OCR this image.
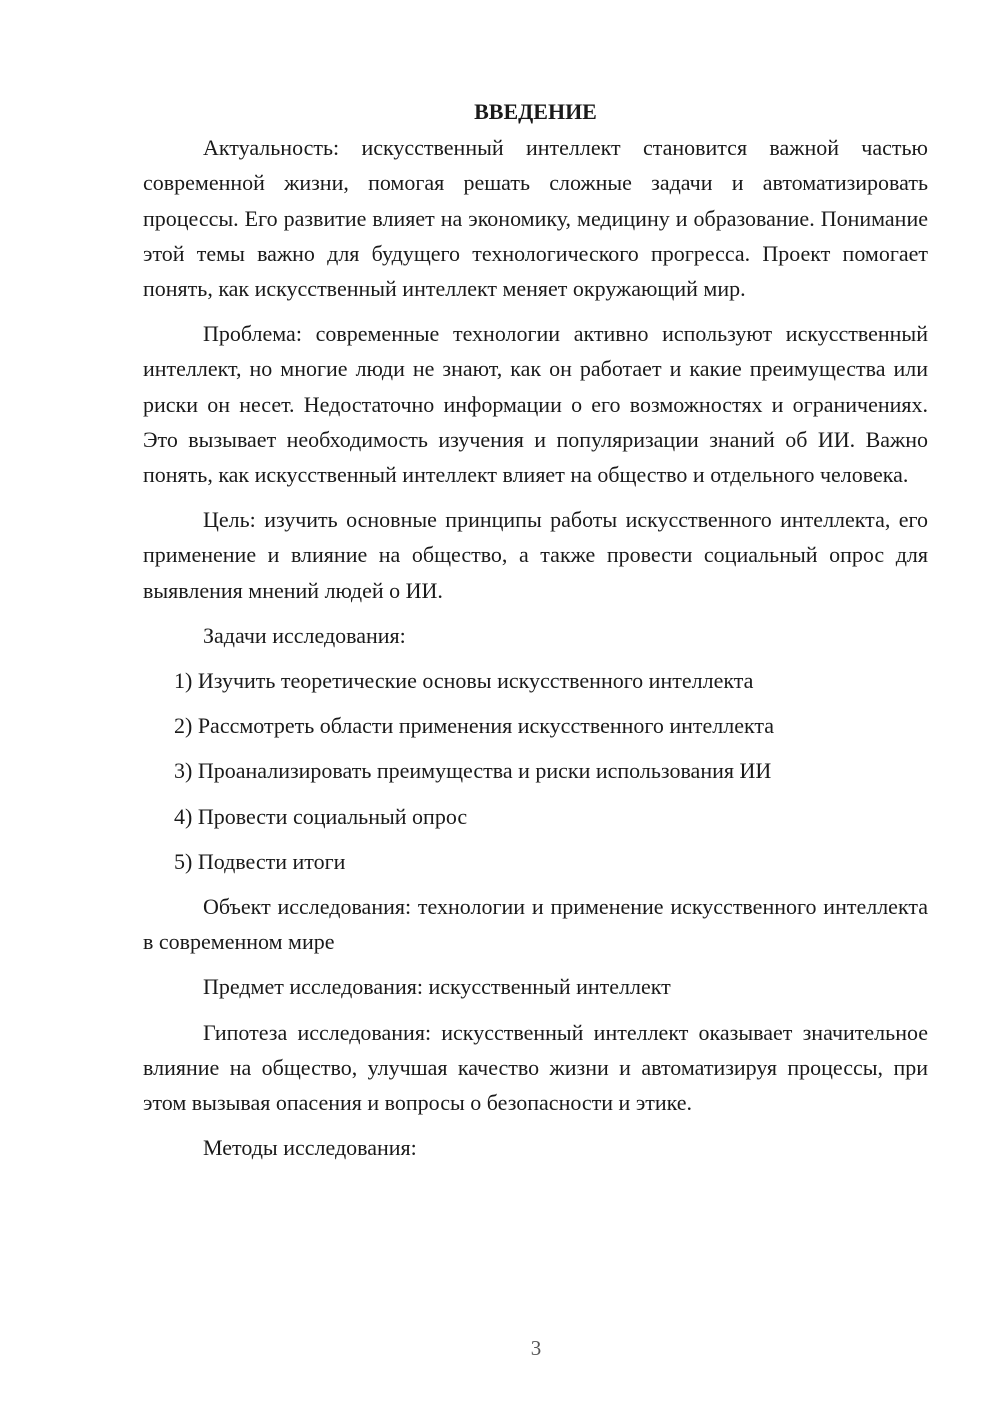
ВВЕДЕНИЕ

Актуальность: искусственный интеллект становится важной частью современной жизни, помогая решать сложные задачи и автоматизировать процессы. Его развитие влияет на экономику, медицину и образование. Понимание этой темы важно для будущего технологического прогресса. Проект помогает понять, как искусственный интеллект меняет окружающий мир.

Проблема: современные технологии активно используют искусственный интеллект, но многие люди не знают, как он работает и какие преимущества или риски он несет. Недостаточно информации о его возможностях и ограничениях. Это вызывает необходимость изучения и популяризации знаний об ИИ. Важно понять, как искусственный интеллект влияет на общество и отдельного человека.

Цель: изучить основные принципы работы искусственного интеллекта, его применение и влияние на общество, а также провести социальный опрос для выявления мнений людей о ИИ.

Задачи исследования:

1) Изучить теоретические основы искусственного интеллекта
2) Рассмотреть области применения искусственного интеллекта
3) Проанализировать преимущества и риски использования ИИ
4) Провести социальный опрос
5) Подвести итоги

Объект исследования: технологии и применение искусственного интеллекта в современном мире

Предмет исследования: искусственный интеллект

Гипотеза исследования: искусственный интеллект оказывает значительное влияние на общество, улучшая качество жизни и автоматизируя процессы, при этом вызывая опасения и вопросы о безопасности и этике.

Методы исследования:

3
